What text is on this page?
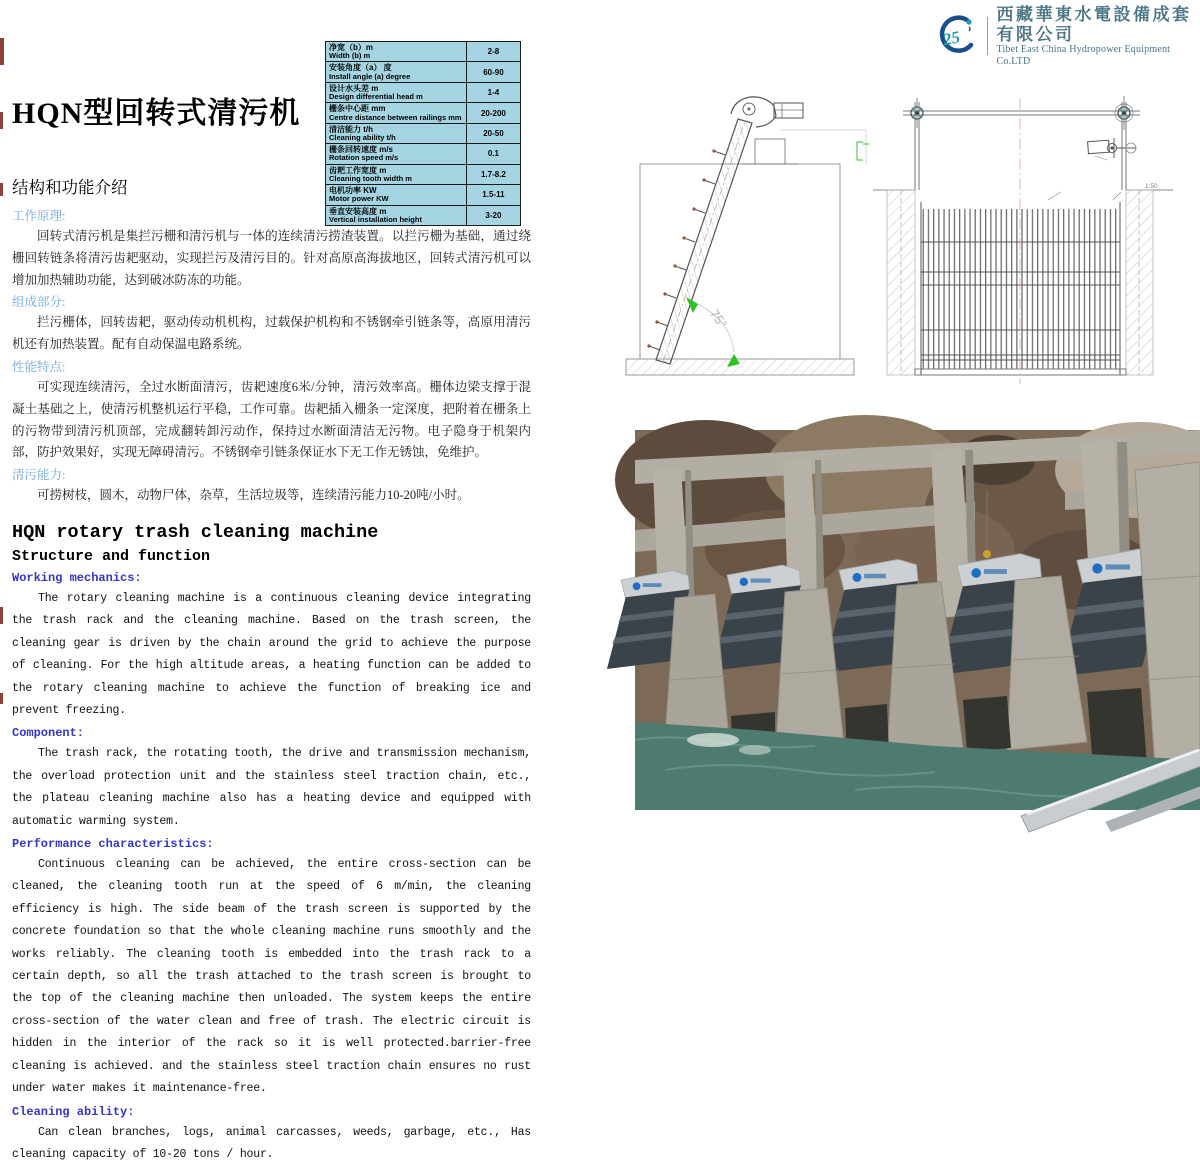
25
西藏華東水電設備成套有限公司
Tibet East China Hydropower Equipment Co.LTD
净宽（b）m
Width (b) m	2-8

安装角度（a） 度
Install angle (a) degree	60-90

设计水头差 m
Design differential head m	1-4

栅条中心距 mm
Centre distance between railings mm	20-200

清洁能力 t/h
Cleaning ability t/h	20-50

栅条回转速度 m/s
Rotation speed m/s	0.1

齿耙工作宽度 m
Cleaning tooth width m	1.7-8.2

电机功率 KW
Motor power KW	1.5-11

垂直安装高度 m
Vertical installation height	3-20
HQN型回转式清污机
结构和功能介绍
工作原理:

回转式清污机是集拦污栅和清污机与一体的连续清污捞渣装置。以拦污栅为基础，通过绕栅回转链条将清污齿耙驱动，实现拦污及清污目的。针对高原高海拔地区，回转式清污机可以增加加热辅助功能，达到破冰防冻的功能。

组成部分:

拦污栅体，回转齿耙，驱动传动机机构，过载保护机构和不锈钢牵引链条等，高原用清污机还有加热装置。配有自动保温电路系统。

性能特点:

可实现连续清污，全过水断面清污，齿耙速度6米/分钟，清污效率高。栅体边梁支撑于混凝土基础之上，使清污机整机运行平稳，工作可靠。齿耙插入栅条一定深度，把附着在栅条上的污物带到清污机顶部，完成翻转卸污动作，保持过水断面清洁无污物。电子隐身于机架内部，防护效果好，实现无障碍清污。不锈钢牵引链条保证水下无工作无锈蚀，免维护。

清污能力:

可捞树枝，圆木，动物尸体，杂草，生活垃圾等，连续清污能力10-20吨/小时。

HQN rotary trash cleaning machine
Structure and function
Working mechanics:

The rotary cleaning machine is a continuous cleaning device integrating the trash rack and the cleaning machine. Based on the trash screen, the cleaning gear is driven by the chain around the grid to achieve the purpose of cleaning. For the high altitude areas, a heating function can be added to the rotary cleaning machine to achieve the function of breaking ice and prevent freezing.

Component:

The trash rack, the rotating tooth, the drive and transmission mechanism, the overload protection unit and the stainless steel traction chain, etc., the plateau cleaning machine also has a heating device and equipped with automatic warming system.

Performance characteristics:

Continuous cleaning can be achieved, the entire cross-section can be cleaned, the cleaning tooth run at the speed of 6 m/min, the cleaning efficiency is high. The side beam of the trash screen is supported by the concrete foundation so that the whole cleaning machine runs smoothly and the works reliably. The cleaning tooth is embedded into the trash rack to a certain depth, so all the trash attached to the trash screen is brought to the top of the cleaning machine then unloaded. The system keeps the entire cross-section of the water clean and free of trash. The electric circuit is hidden in the interior of the rack so it is well protected.barrier-free cleaning is achieved. and the stainless steel traction chain ensures no rust under water makes it maintenance-free.

Cleaning ability:

Can clean branches, logs, animal carcasses, weeds, garbage, etc., Has cleaning capacity of 10-20 tons / hour.

75°
1:50
